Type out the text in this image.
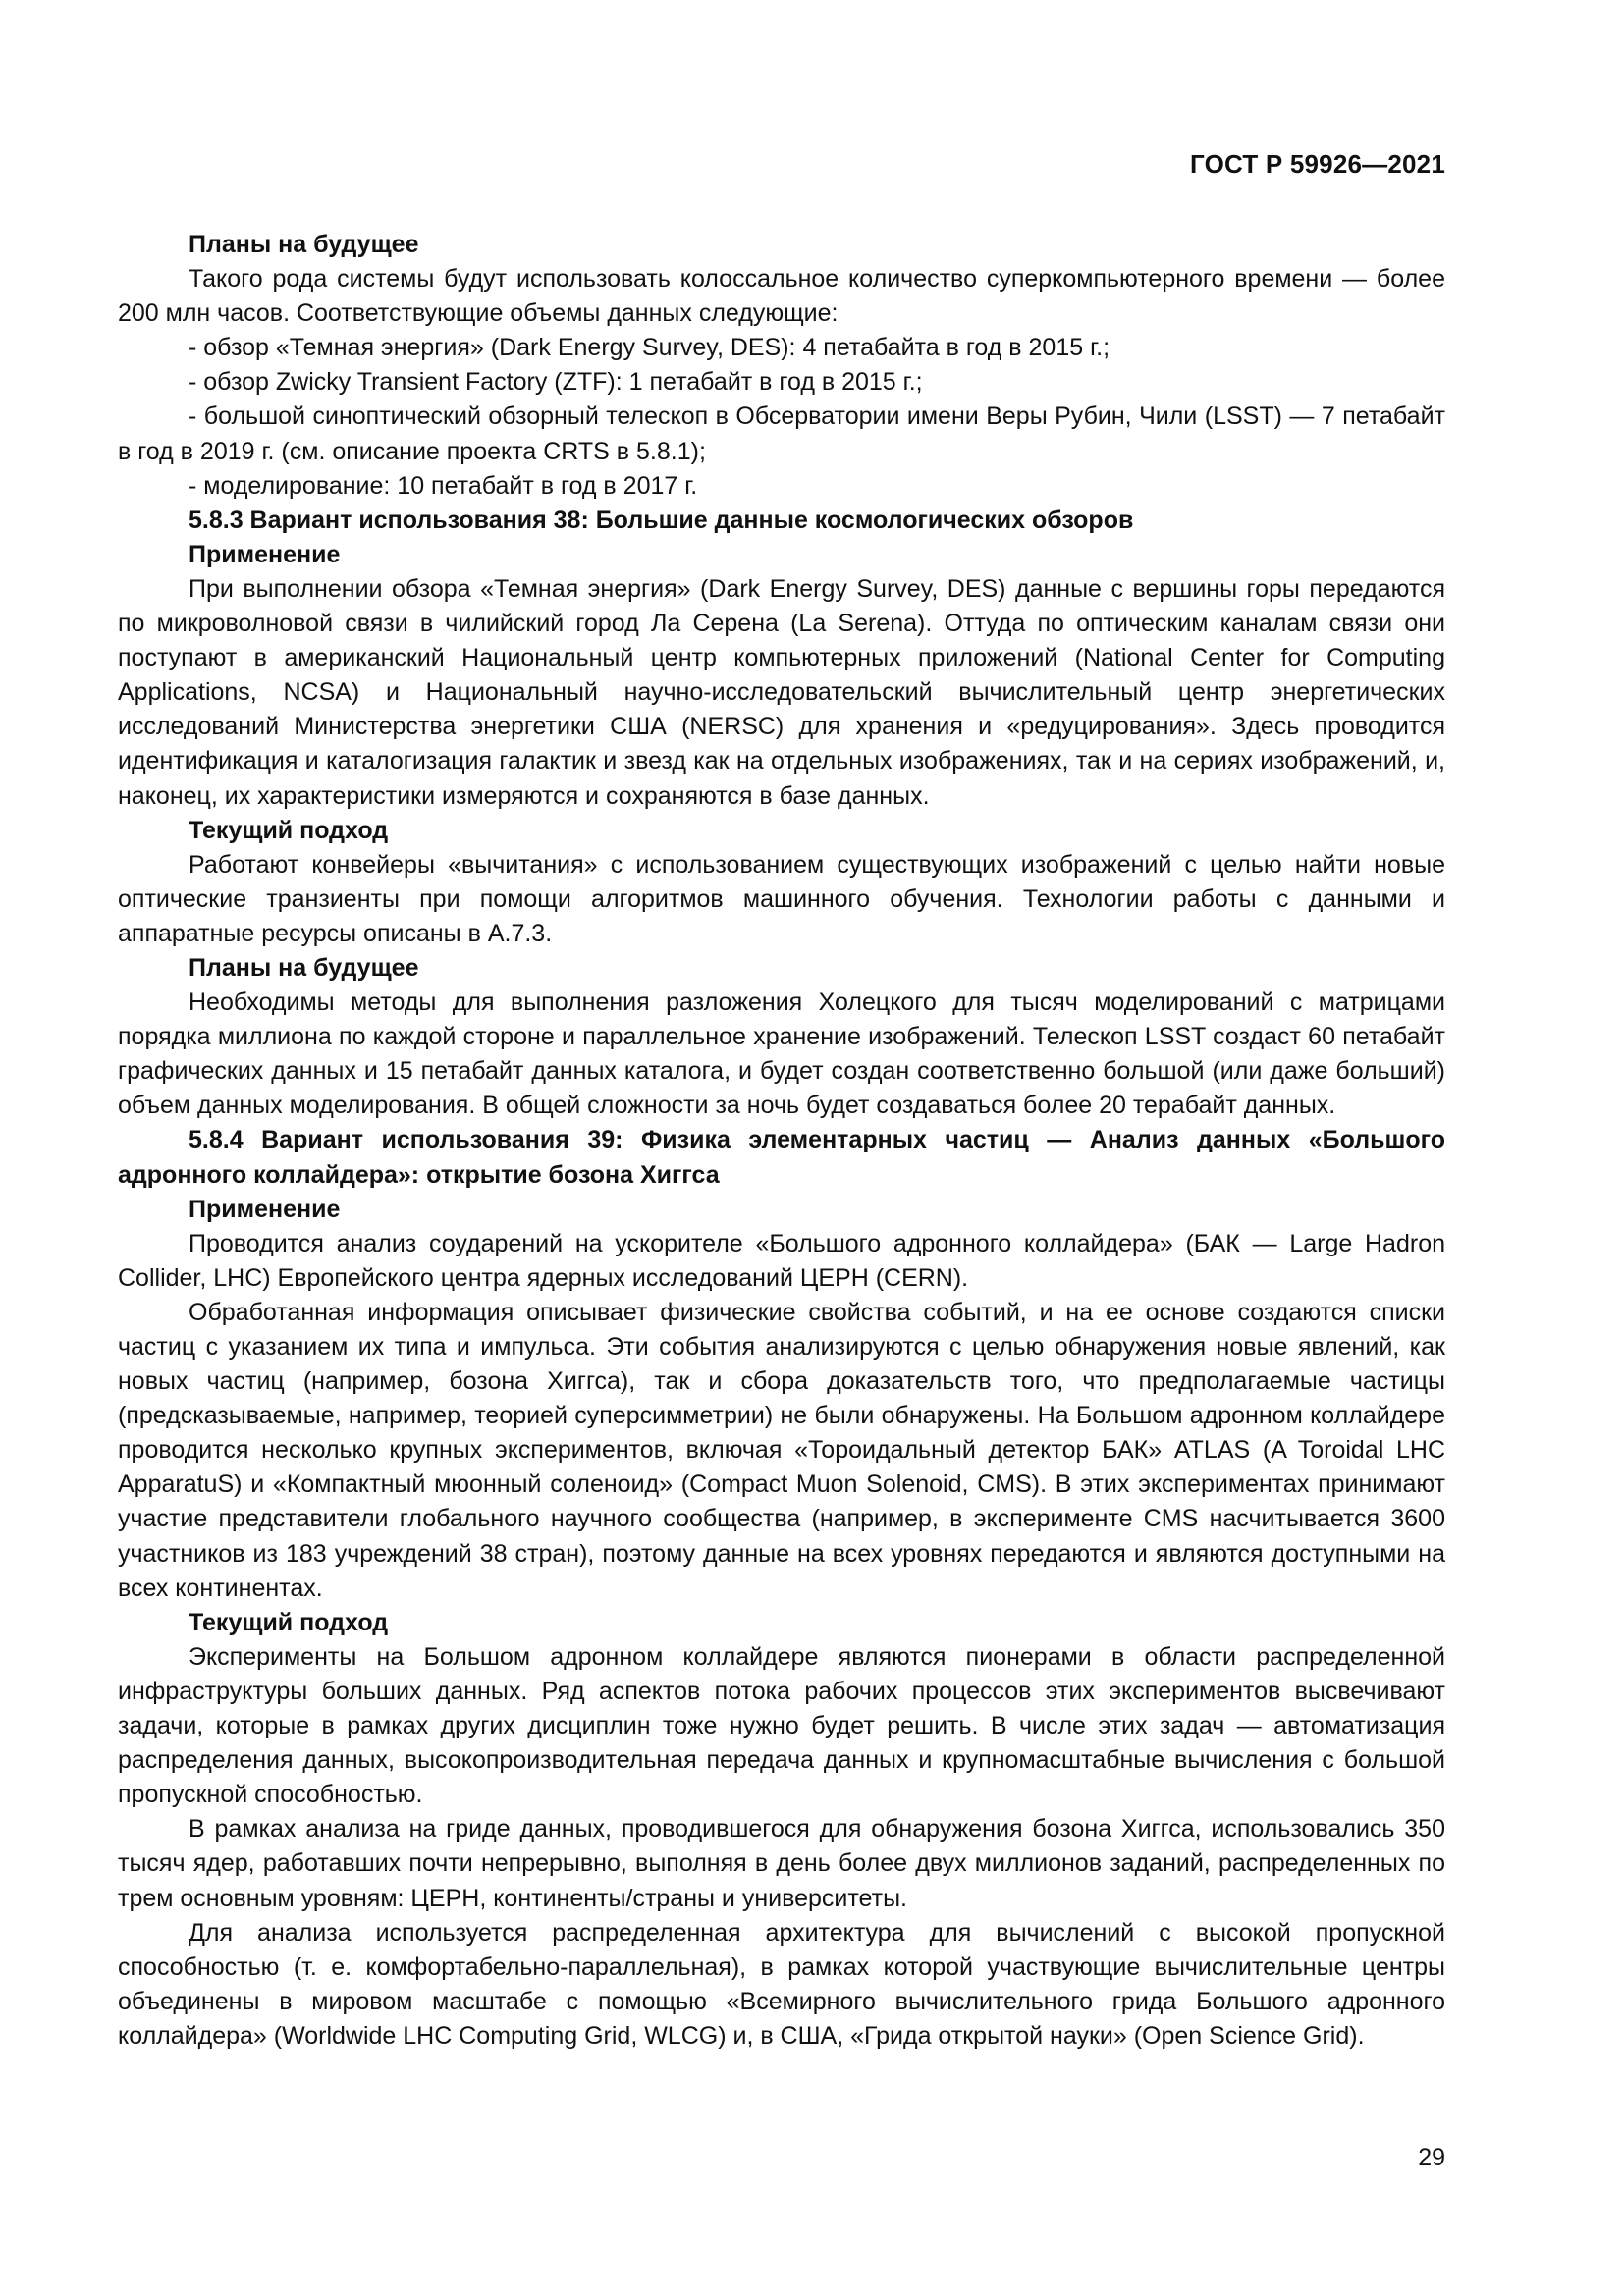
ГОСТ Р 59926—2021

Планы на будущее

Такого рода системы будут использовать колоссальное количество суперкомпьютерного времени — более 200 млн часов. Соответствующие объемы данных следующие:

- обзор «Темная энергия» (Dark Energy Survey, DES): 4 петабайта в год в 2015 г.;

- обзор Zwicky Transient Factory (ZTF): 1 петабайт в год в 2015 г.;

- большой синоптический обзорный телескоп в Обсерватории имени Веры Рубин, Чили (LSST) — 7 петабайт в год в 2019 г. (см. описание проекта CRTS в 5.8.1);

- моделирование: 10 петабайт в год в 2017 г.

5.8.3 Вариант использования 38: Большие данные космологических обзоров

Применение

При выполнении обзора «Темная энергия» (Dark Energy Survey, DES) данные с вершины горы передаются по микроволновой связи в чилийский город Ла Серена (La Serena). Оттуда по оптическим каналам связи они поступают в американский Национальный центр компьютерных приложений (National Center for Computing Applications, NCSA) и Национальный научно-исследовательский вычислительный центр энергетических исследований Министерства энергетики США (NERSC) для хранения и «редуцирования». Здесь проводится идентификация и каталогизация галактик и звезд как на отдельных изображениях, так и на сериях изображений, и, наконец, их характеристики измеряются и сохраняются в базе данных.

Текущий подход

Работают конвейеры «вычитания» с использованием существующих изображений с целью найти новые оптические транзиенты при помощи алгоритмов машинного обучения. Технологии работы с данными и аппаратные ресурсы описаны в А.7.3.

Планы на будущее

Необходимы методы для выполнения разложения Холецкого для тысяч моделирований с матрицами порядка миллиона по каждой стороне и параллельное хранение изображений. Телескоп LSST создаст 60 петабайт графических данных и 15 петабайт данных каталога, и будет создан соответственно большой (или даже больший) объем данных моделирования. В общей сложности за ночь будет создаваться более 20 терабайт данных.

5.8.4 Вариант использования 39: Физика элементарных частиц — Анализ данных «Большого адронного коллайдера»: открытие бозона Хиггса

Применение

Проводится анализ соударений на ускорителе «Большого адронного коллайдера» (БАК — Large Hadron Collider, LHC) Европейского центра ядерных исследований ЦЕРН (CERN).

Обработанная информация описывает физические свойства событий, и на ее основе создаются списки частиц с указанием их типа и импульса. Эти события анализируются с целью обнаружения новые явлений, как новых частиц (например, бозона Хиггса), так и сбора доказательств того, что предполагаемые частицы (предсказываемые, например, теорией суперсимметрии) не были обнаружены. На Большом адронном коллайдере проводится несколько крупных экспериментов, включая «Тороидальный детектор БАК» ATLAS (A Toroidal LHC ApparatuS) и «Компактный мюонный соленоид» (Compact Muon Solenoid, CMS). В этих экспериментах принимают участие представители глобального научного сообщества (например, в эксперименте CMS насчитывается 3600 участников из 183 учреждений 38 стран), поэтому данные на всех уровнях передаются и являются доступными на всех континентах.

Текущий подход

Эксперименты на Большом адронном коллайдере являются пионерами в области распределенной инфраструктуры больших данных. Ряд аспектов потока рабочих процессов этих экспериментов высвечивают задачи, которые в рамках других дисциплин тоже нужно будет решить. В числе этих задач — автоматизация распределения данных, высокопроизводительная передача данных и крупномасштабные вычисления с большой пропускной способностью.

В рамках анализа на гриде данных, проводившегося для обнаружения бозона Хиггса, использовались 350 тысяч ядер, работавших почти непрерывно, выполняя в день более двух миллионов заданий, распределенных по трем основным уровням: ЦЕРН, континенты/страны и университеты.

Для анализа используется распределенная архитектура для вычислений с высокой пропускной способностью (т. е. комфортабельно-параллельная), в рамках которой участвующие вычислительные центры объединены в мировом масштабе с помощью «Всемирного вычислительного грида Большого адронного коллайдера» (Worldwide LHC Computing Grid, WLCG) и, в США, «Грида открытой науки» (Open Science Grid).

29
